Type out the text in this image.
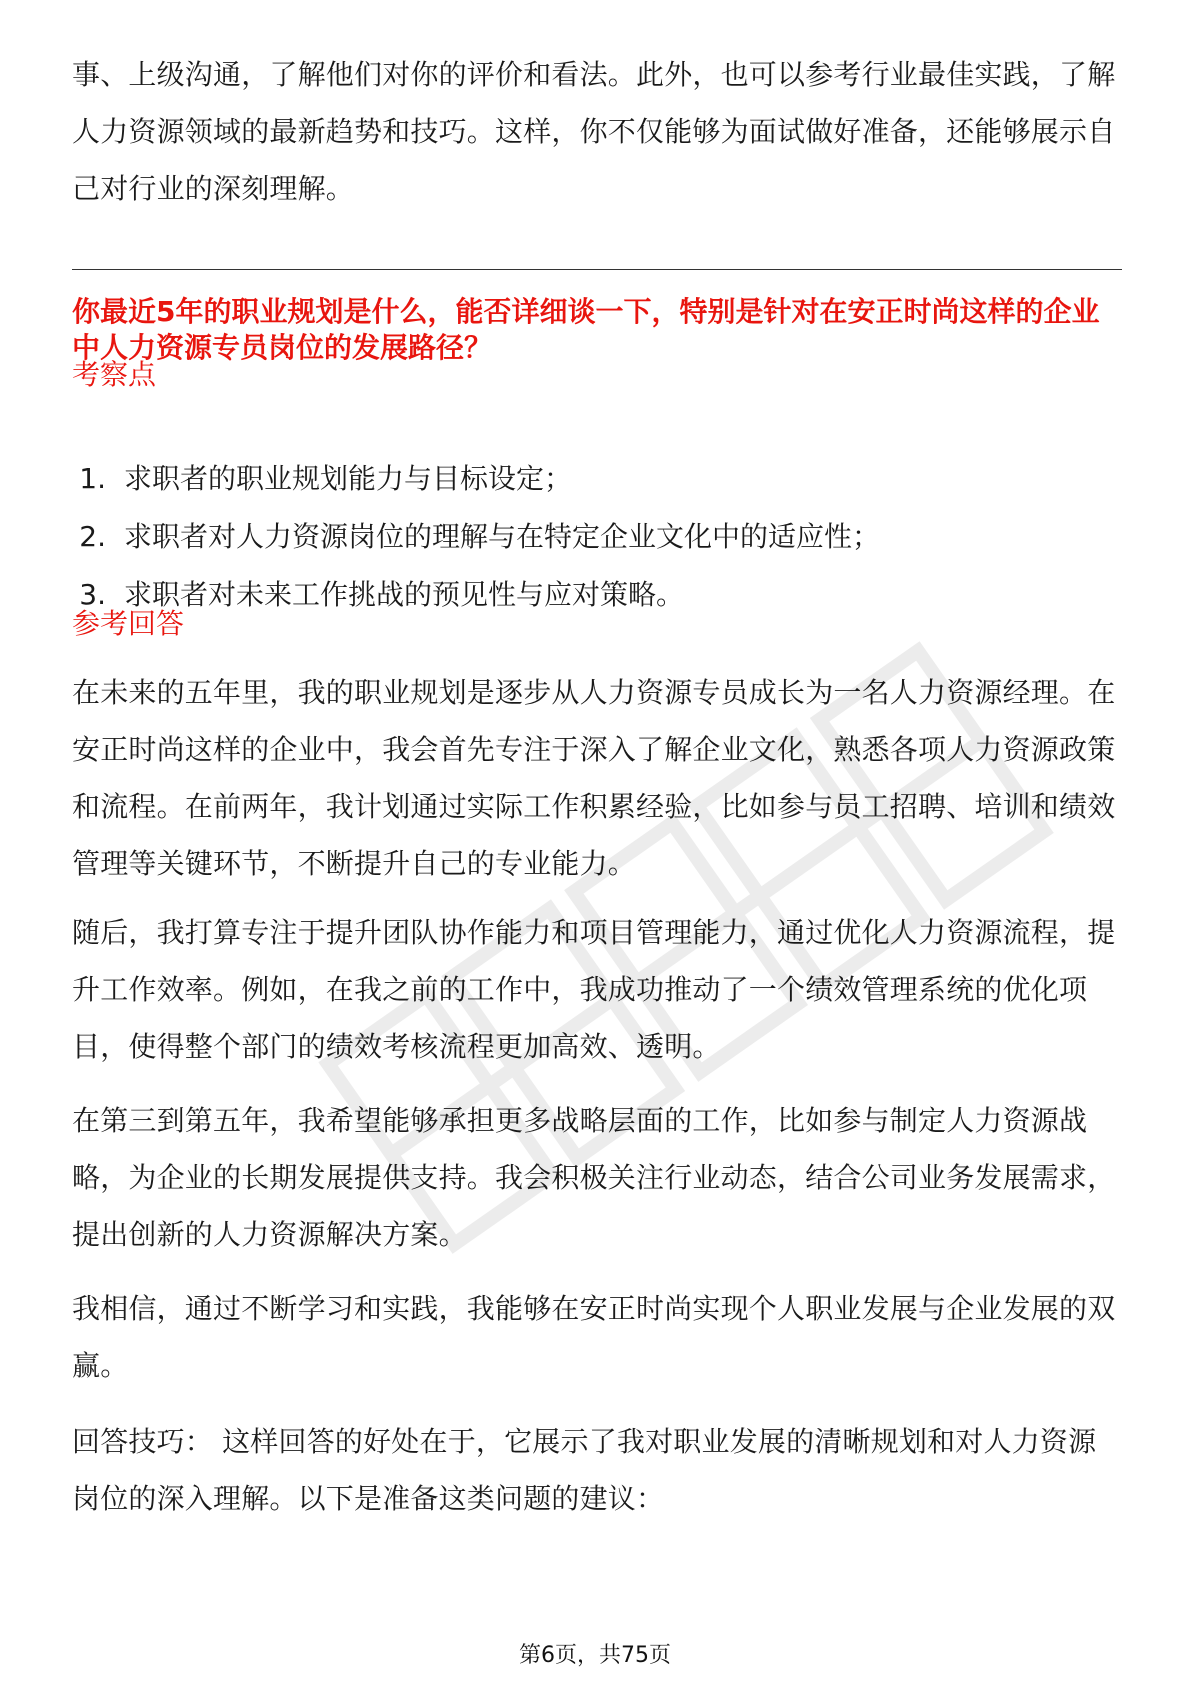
事、上级沟通，了解他们对你的评价和看法。此外，也可以参考行业最佳实践，了解人力资源领域的最新趋势和技巧。这样，你不仅能够为面试做好准备，还能够展示自己对行业的深刻理解。

你最近5年的职业规划是什么，能否详细谈一下，特别是针对在安正时尚这样的企业中人力资源专员岗位的发展路径？

考察点

1. 求职者的职业规划能力与目标设定；
2. 求职者对人力资源岗位的理解与在特定企业文化中的适应性；
3. 求职者对未来工作挑战的预见性与应对策略。

参考回答

在未来的五年里，我的职业规划是逐步从人力资源专员成长为一名人力资源经理。在安正时尚这样的企业中，我会首先专注于深入了解企业文化，熟悉各项人力资源政策和流程。在前两年，我计划通过实际工作积累经验，比如参与员工招聘、培训和绩效管理等关键环节，不断提升自己的专业能力。

随后，我打算专注于提升团队协作能力和项目管理能力，通过优化人力资源流程，提升工作效率。例如，在我之前的工作中，我成功推动了一个绩效管理系统的优化项目，使得整个部门的绩效考核流程更加高效、透明。

在第三到第五年，我希望能够承担更多战略层面的工作，比如参与制定人力资源战略，为企业的长期发展提供支持。我会积极关注行业动态，结合公司业务发展需求，提出创新的人力资源解决方案。

我相信，通过不断学习和实践，我能够在安正时尚实现个人职业发展与企业发展的双赢。

回答技巧： 这样回答的好处在于，它展示了我对职业发展的清晰规划和对人力资源岗位的深入理解。以下是准备这类问题的建议：

第6页，共75页
